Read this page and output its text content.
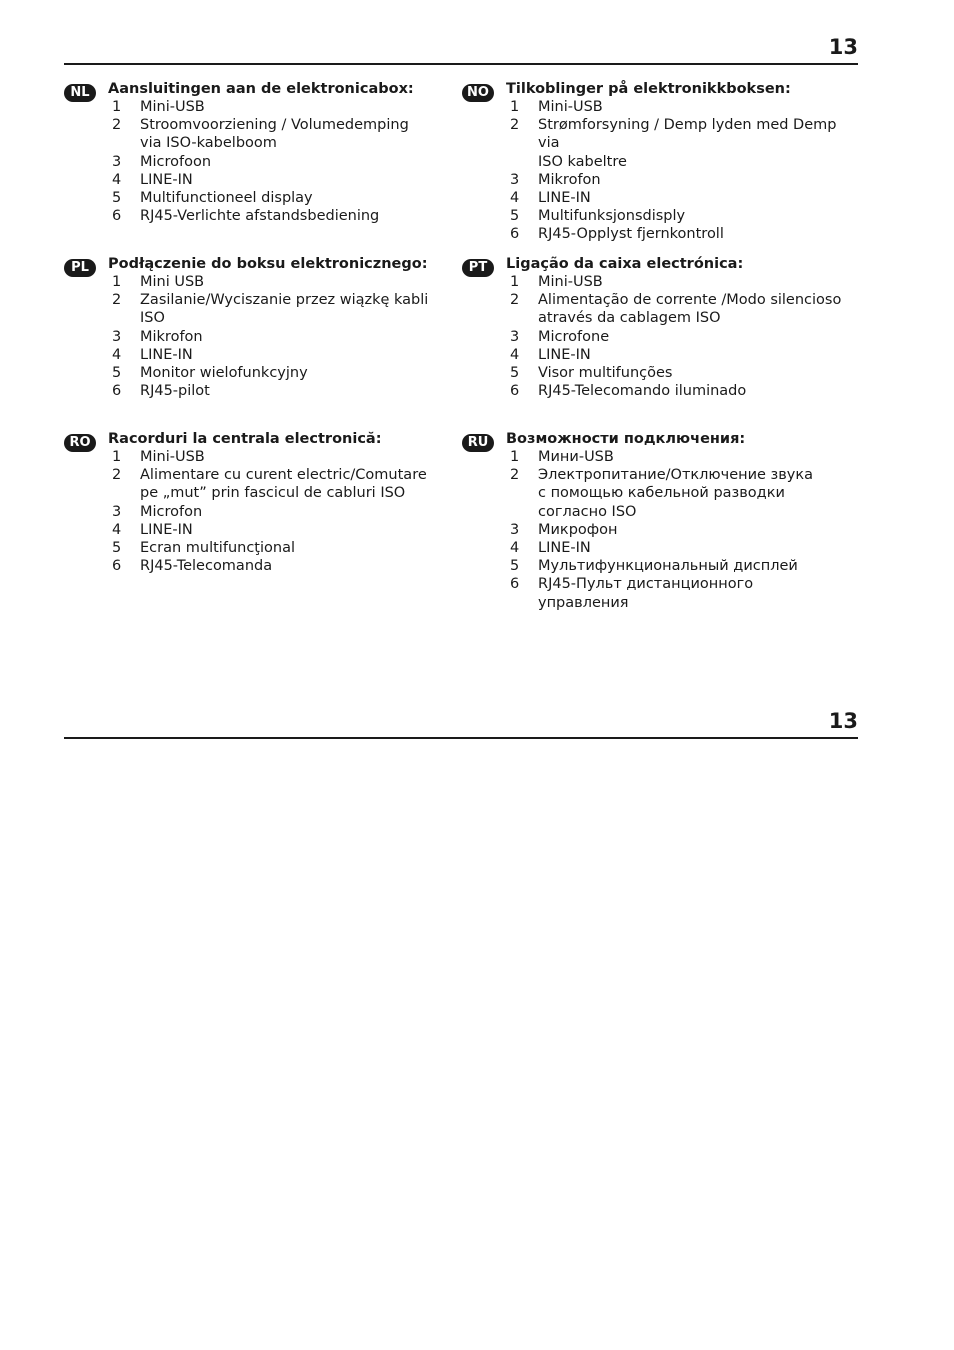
13
NL	Aansluitingen aan de elektronicabox:
1 Mini-USB
2 Stroomvoorziening / Volumedemping
via ISO-kabelboom
3 Microfoon
4 LINE-IN
5 Multifunctioneel display
6 RJ45-Verlichte afstandsbediening
NO	Tilkoblinger på elektronikkboksen:
1 Mini-USB
2 Strømforsyning / Demp lyden med Demp via
ISO kabeltre
3 Mikrofon
4 LINE-IN
5 Multifunksjonsdisply
6 RJ45-Opplyst fjernkontroll
PL	Podłączenie do boksu elektronicznego:
1 Mini USB
2 Zasilanie/Wyciszanie przez wiązkę kabli
ISO
3 Mikrofon
4 LINE-IN
5 Monitor wielofunkcyjny
6 RJ45-pilot
PT	Ligação da caixa electrónica:
1 Mini-USB
2 Alimentação de corrente /Modo silencioso
através da cablagem ISO
3 Microfone
4 LINE-IN
5 Visor multifunções
6 RJ45-Telecomando iluminado
RO	Racorduri la centrala electronică:
1 Mini-USB
2 Alimentare cu curent electric/Comutare
pe „mut” prin fascicul de cabluri ISO
3 Microfon
4 LINE-IN
5 Ecran multifuncţional
6 RJ45-Telecomanda
RU	Возможности подключения:
1 Мини-USB
2 Электропитание/Отключение звука
с помощью кабельной разводки
согласно ISO
3 Микрофон
4 LINE-IN
5 Мультифункциональный дисплей
6 RJ45-Пульт дистанционного управления
13
